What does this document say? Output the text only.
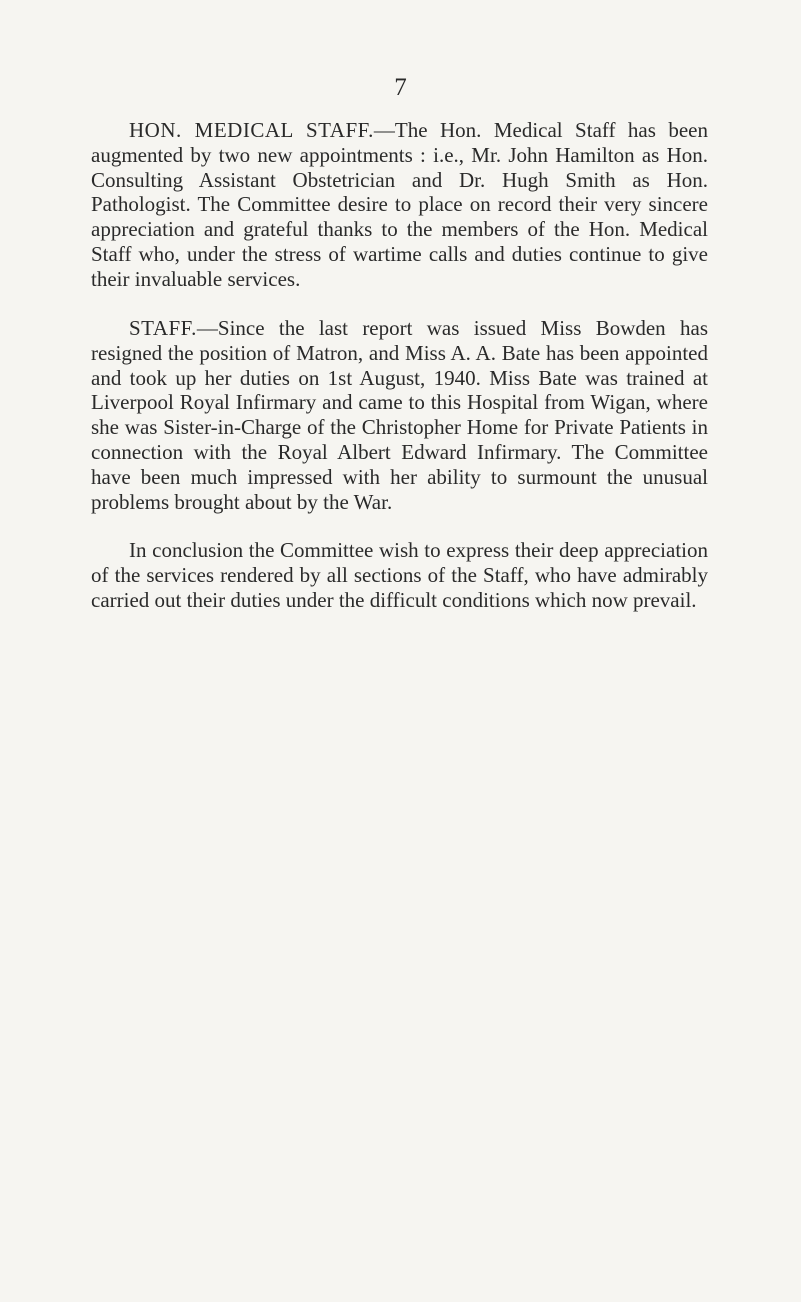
7

HON. MEDICAL STAFF.—The Hon. Medical Staff has been augmented by two new appointments : i.e., Mr. John Hamilton as Hon. Consulting Assistant Obstetrician and Dr. Hugh Smith as Hon. Pathologist. The Committee desire to place on record their very sincere appreciation and grateful thanks to the members of the Hon. Medical Staff who, under the stress of wartime calls and duties continue to give their invaluable services.

STAFF.—Since the last report was issued Miss Bowden has resigned the position of Matron, and Miss A. A. Bate has been appointed and took up her duties on 1st August, 1940. Miss Bate was trained at Liverpool Royal Infirmary and came to this Hospital from Wigan, where she was Sister-in-Charge of the Christopher Home for Private Patients in connection with the Royal Albert Edward Infirmary. The Committee have been much impressed with her ability to surmount the unusual problems brought about by the War.

In conclusion the Committee wish to express their deep appreciation of the services rendered by all sections of the Staff, who have admirably carried out their duties under the difficult conditions which now prevail.
